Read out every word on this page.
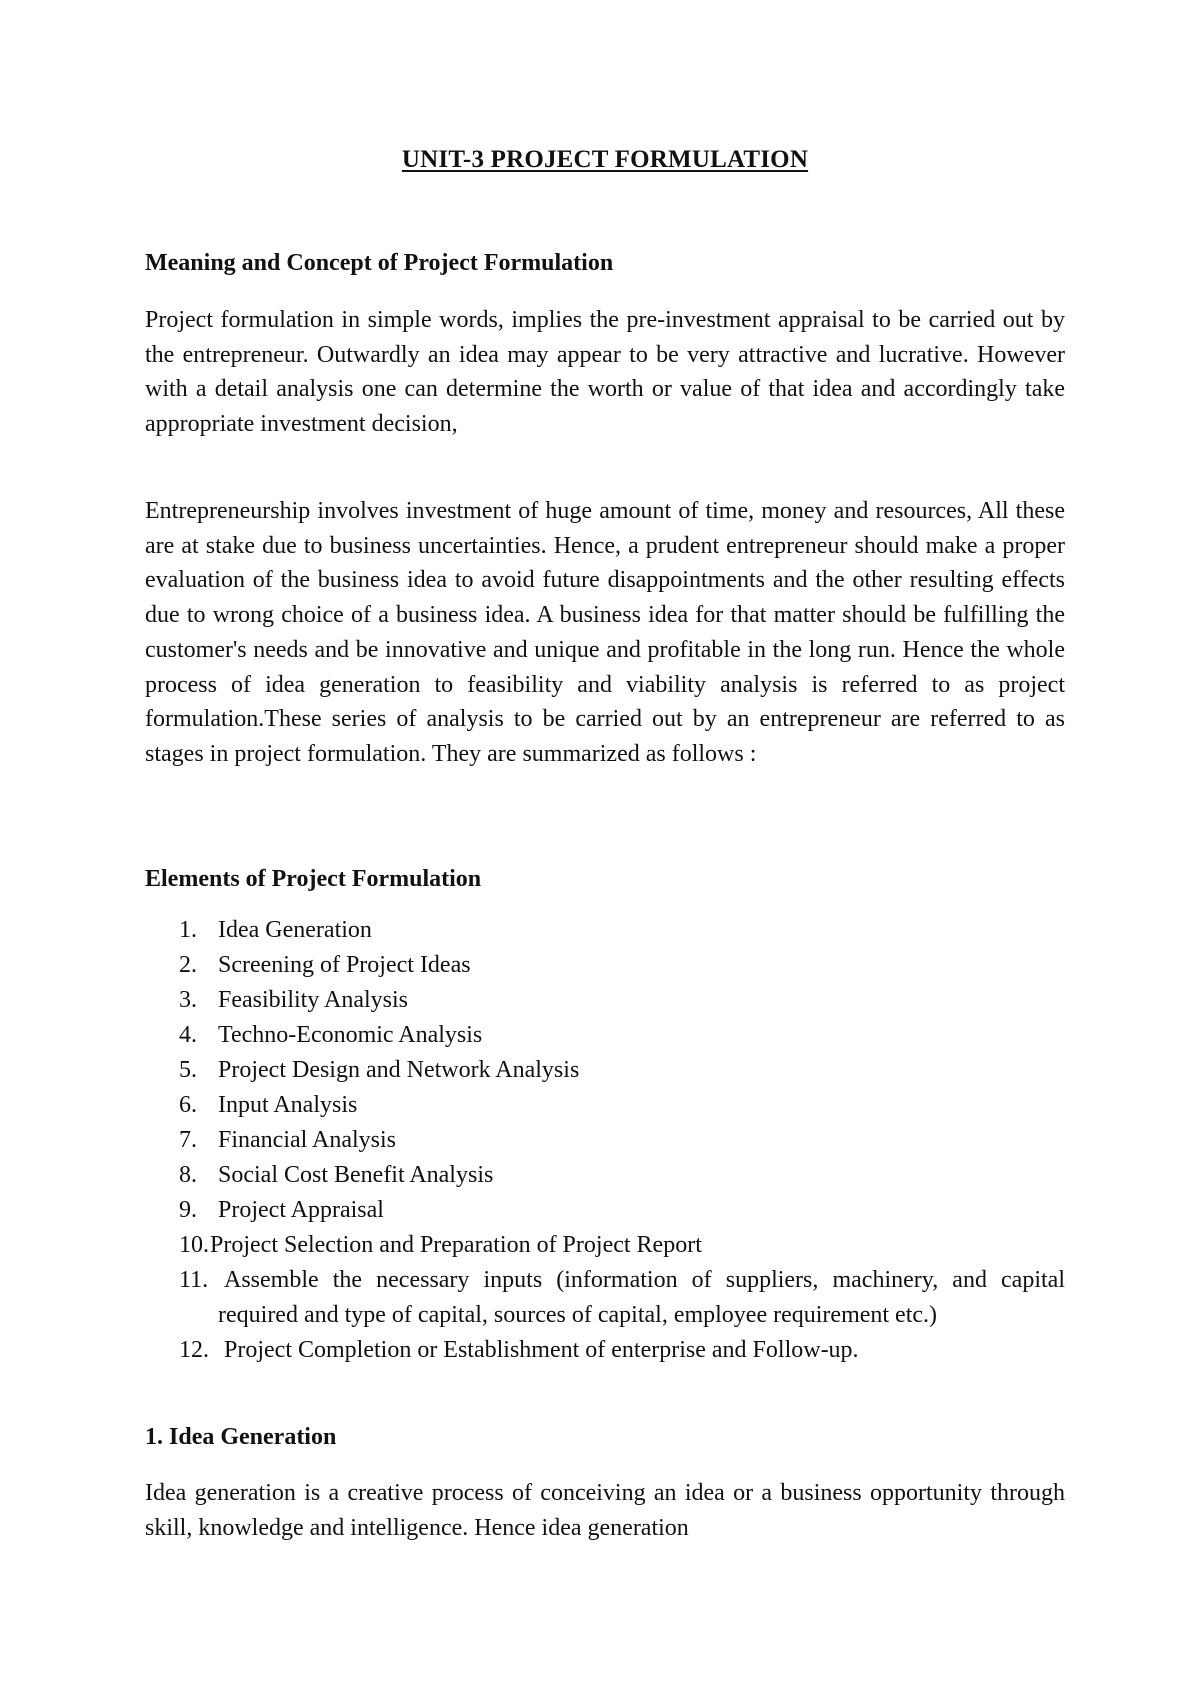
UNIT-3 PROJECT FORMULATION
Meaning and Concept of Project Formulation

Project formulation in simple words, implies the pre-investment appraisal to be carried out by the entrepreneur. Outwardly an idea may appear to be very attractive and lucrative. However with a detail analysis one can determine the worth or value of that idea and accordingly take appropriate investment decision,

Entrepreneurship involves investment of huge amount of time, money and resources, All these are at stake due to business uncertainties. Hence, a prudent entrepreneur should make a proper evaluation of the business idea to avoid future disappointments and the other resulting effects due to wrong choice of a business idea. A business idea for that matter should be fulfilling the customer's needs and be innovative and unique and profitable in the long run. Hence the whole process of idea generation to feasibility and viability analysis is referred to as project formulation.These series of analysis to be carried out by an entrepreneur are referred to as stages in project formulation. They are summarized as follows :

Elements of Project Formulation
1. Idea Generation
2. Screening of Project Ideas
3. Feasibility Analysis
4. Techno-Economic Analysis
5. Project Design and Network Analysis
6. Input Analysis
7. Financial Analysis
8. Social Cost Benefit Analysis
9. Project Appraisal
10. Project Selection and Preparation of Project Report
11. Assemble the necessary inputs (information of suppliers, machinery, and capital required and type of capital, sources of capital, employee requirement etc.)
12. Project Completion or Establishment of enterprise and Follow-up.
1. Idea Generation

Idea generation is a creative process of conceiving an idea or a business opportunity through skill, knowledge and intelligence. Hence idea generation
